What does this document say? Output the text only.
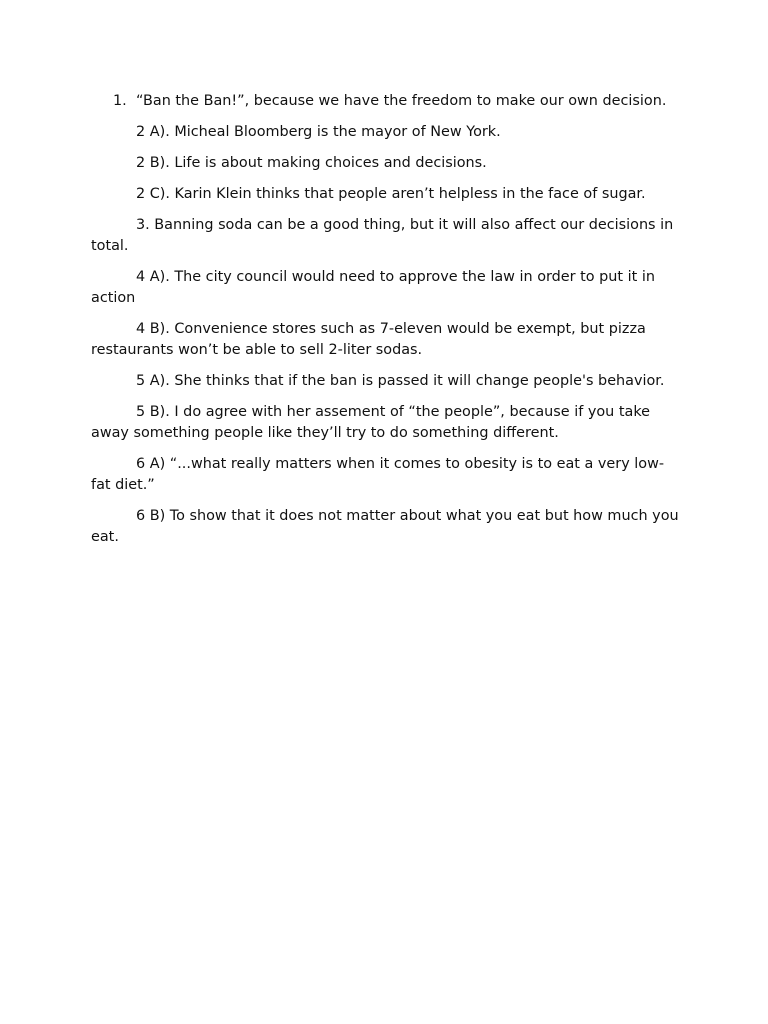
1. “Ban the Ban!”, because we have the freedom to make our own decision.

2 A). Micheal Bloomberg is the mayor of New York.

2 B). Life is about making choices and decisions.

2 C). Karin Klein thinks that people aren’t helpless in the face of sugar.

3. Banning soda can be a good thing, but it will also affect our decisions in total.

4 A). The city council would need to approve the law in order to put it in action

4 B). Convenience stores such as 7-eleven would be exempt, but pizza restaurants won’t be able to sell 2-liter sodas.

5 A). She thinks that if the ban is passed it will change people's behavior.

5 B). I do agree with her assement of “the people”, because if you take away something people like they’ll try to do something different.

6 A) “...what really matters when it comes to obesity is to eat a very low-fat diet.”

6 B) To show that it does not matter about what you eat but how much you eat.
